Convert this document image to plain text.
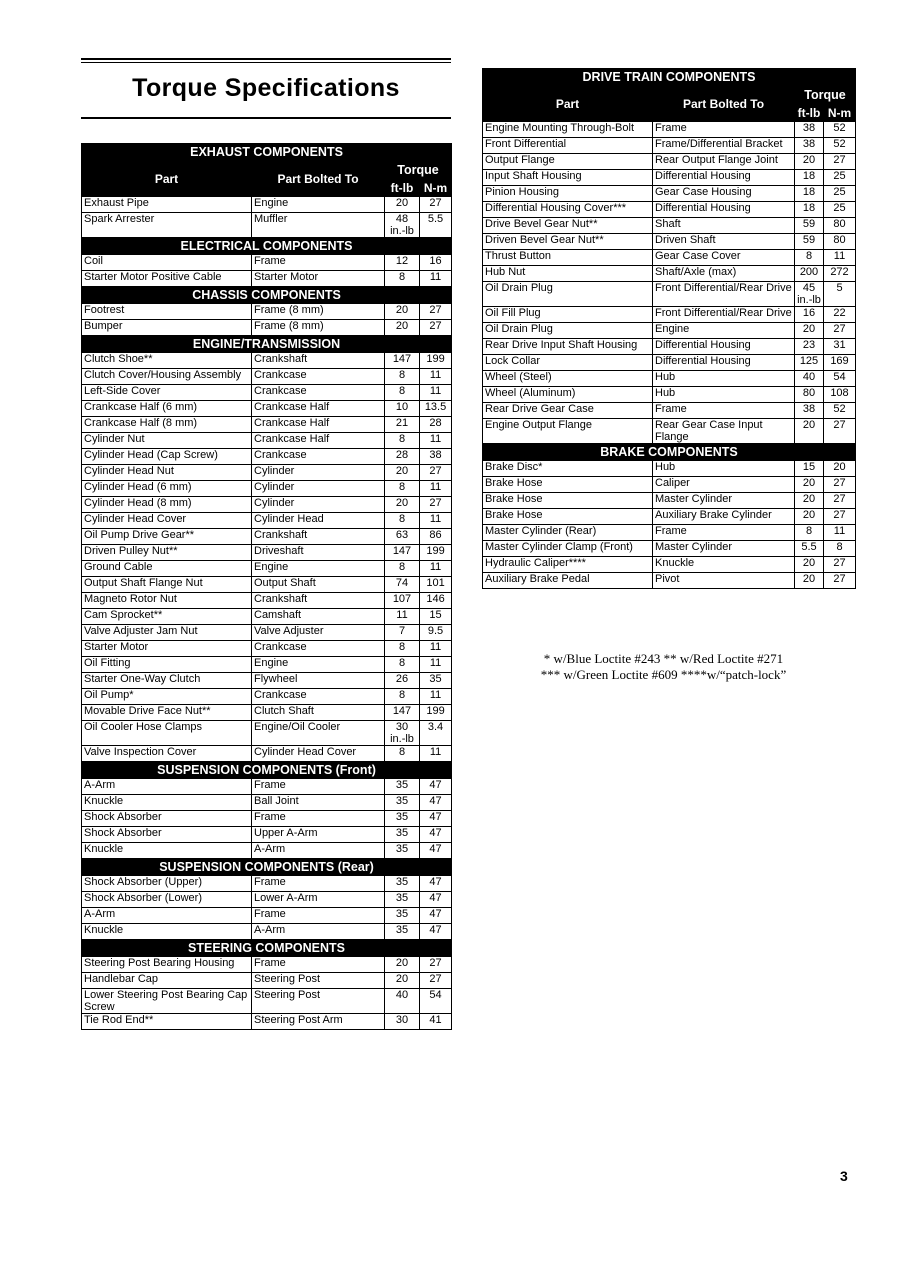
Torque Specifications
EXHAUST COMPONENTS			
Part	Part Bolted To	Torque	
		ft-lb	N-m
Exhaust Pipe	Engine	20	27
Spark Arrester	Muffler	48 in.-lb	5.5
ELECTRICAL COMPONENTS			
Coil	Frame	12	16
Starter Motor Positive Cable	Starter Motor	8	11
CHASSIS COMPONENTS			
Footrest	Frame (8 mm)	20	27
Bumper	Frame (8 mm)	20	27
ENGINE/TRANSMISSION			
Clutch Shoe**	Crankshaft	147	199
Clutch Cover/Housing Assembly	Crankcase	8	11
Left-Side Cover	Crankcase	8	11
Crankcase Half (6 mm)	Crankcase Half	10	13.5
Crankcase Half (8 mm)	Crankcase Half	21	28
Cylinder Nut	Crankcase Half	8	11
Cylinder Head (Cap Screw)	Crankcase	28	38
Cylinder Head Nut	Cylinder	20	27
Cylinder Head (6 mm)	Cylinder	8	11
Cylinder Head (8 mm)	Cylinder	20	27
Cylinder Head Cover	Cylinder Head	8	11
Oil Pump Drive Gear**	Crankshaft	63	86
Driven Pulley Nut**	Driveshaft	147	199
Ground Cable	Engine	8	11
Output Shaft Flange Nut	Output Shaft	74	101
Magneto Rotor Nut	Crankshaft	107	146
Cam Sprocket**	Camshaft	11	15
Valve Adjuster Jam Nut	Valve Adjuster	7	9.5
Starter Motor	Crankcase	8	11
Oil Fitting	Engine	8	11
Starter One-Way Clutch	Flywheel	26	35
Oil Pump*	Crankcase	8	11
Movable Drive Face Nut**	Clutch Shaft	147	199
Oil Cooler Hose Clamps	Engine/Oil Cooler	30 in.-lb	3.4
Valve Inspection Cover	Cylinder Head Cover	8	11
SUSPENSION COMPONENTS (Front)			
A-Arm	Frame	35	47
Knuckle	Ball Joint	35	47
Shock Absorber	Frame	35	47
Shock Absorber	Upper A-Arm	35	47
Knuckle	A-Arm	35	47
SUSPENSION COMPONENTS (Rear)			
Shock Absorber (Upper)	Frame	35	47
Shock Absorber (Lower)	Lower A-Arm	35	47
A-Arm	Frame	35	47
Knuckle	A-Arm	35	47
STEERING COMPONENTS			
Steering Post Bearing Housing	Frame	20	27
Handlebar Cap	Steering Post	20	27
Lower Steering Post Bearing Cap Screw	Steering Post	40	54
Tie Rod End**	Steering Post Arm	30	41
DRIVE TRAIN COMPONENTS			
Part	Part Bolted To	Torque	
		ft-lb	N-m
Engine Mounting Through-Bolt	Frame	38	52
Front Differential	Frame/Differential Bracket	38	52
Output Flange	Rear Output Flange Joint	20	27
Input Shaft Housing	Differential Housing	18	25
Pinion Housing	Gear Case Housing	18	25
Differential Housing Cover***	Differential Housing	18	25
Drive Bevel Gear Nut**	Shaft	59	80
Driven Bevel Gear Nut**	Driven Shaft	59	80
Thrust Button	Gear Case Cover	8	11
Hub Nut	Shaft/Axle (max)	200	272
Oil Drain Plug	Front Differential/Rear Drive	45 in.-lb	5
Oil Fill Plug	Front Differential/Rear Drive	16	22
Oil Drain Plug	Engine	20	27
Rear Drive Input Shaft Housing	Differential Housing	23	31
Lock Collar	Differential Housing	125	169
Wheel (Steel)	Hub	40	54
Wheel (Aluminum)	Hub	80	108
Rear Drive Gear Case	Frame	38	52
Engine Output Flange	Rear Gear Case Input Flange	20	27
BRAKE COMPONENTS			
Brake Disc*	Hub	15	20
Brake Hose	Caliper	20	27
Brake Hose	Master Cylinder	20	27
Brake Hose	Auxiliary Brake Cylinder	20	27
Master Cylinder (Rear)	Frame	8	11
Master Cylinder Clamp (Front)	Master Cylinder	5.5	8
Hydraulic Caliper****	Knuckle	20	27
Auxiliary Brake Pedal	Pivot	20	27
* w/Blue Loctite #243 ** w/Red Loctite #271
*** w/Green Loctite #609 ****w/“patch-lock”
3
